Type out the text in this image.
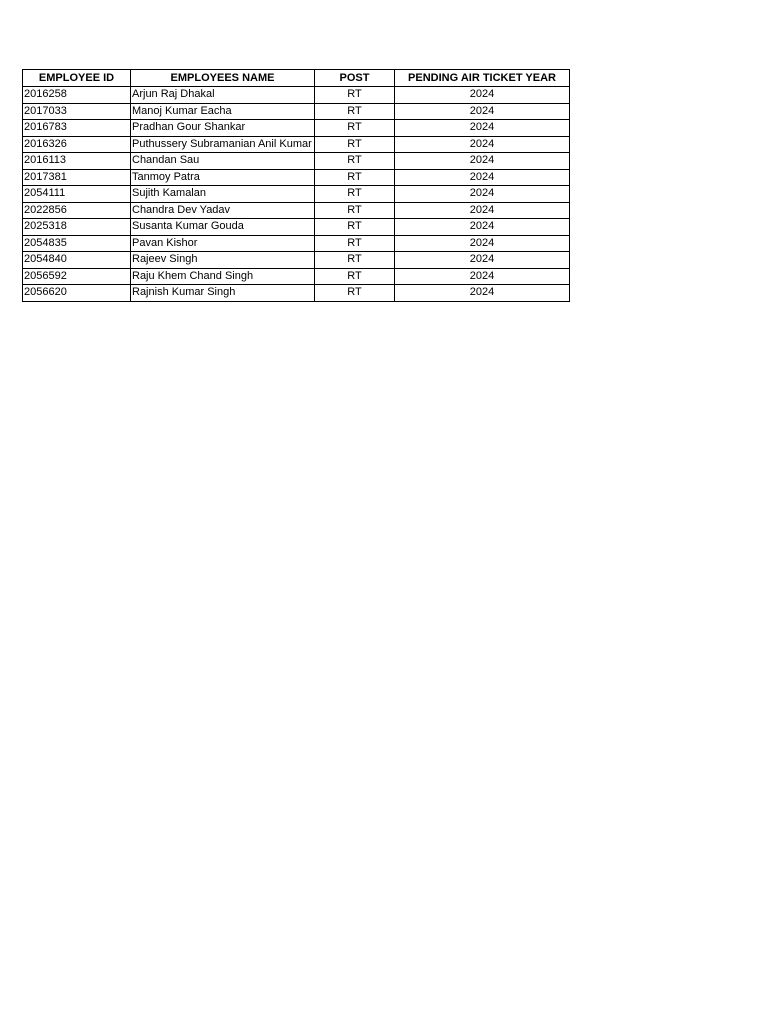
EMPLOYEE ID	EMPLOYEES NAME	POST	PENDING AIR TICKET YEAR
2016258	Arjun Raj Dhakal	RT	2024
2017033	Manoj Kumar Eacha	RT	2024
2016783	Pradhan Gour Shankar	RT	2024
2016326	Puthussery Subramanian Anil Kumar	RT	2024
2016113	Chandan Sau	RT	2024
2017381	Tanmoy Patra	RT	2024
2054111	Sujith Kamalan	RT	2024
2022856	Chandra Dev Yadav	RT	2024
2025318	Susanta Kumar Gouda	RT	2024
2054835	Pavan Kishor	RT	2024
2054840	Rajeev Singh	RT	2024
2056592	Raju Khem Chand Singh	RT	2024
2056620	Rajnish Kumar Singh	RT	2024
